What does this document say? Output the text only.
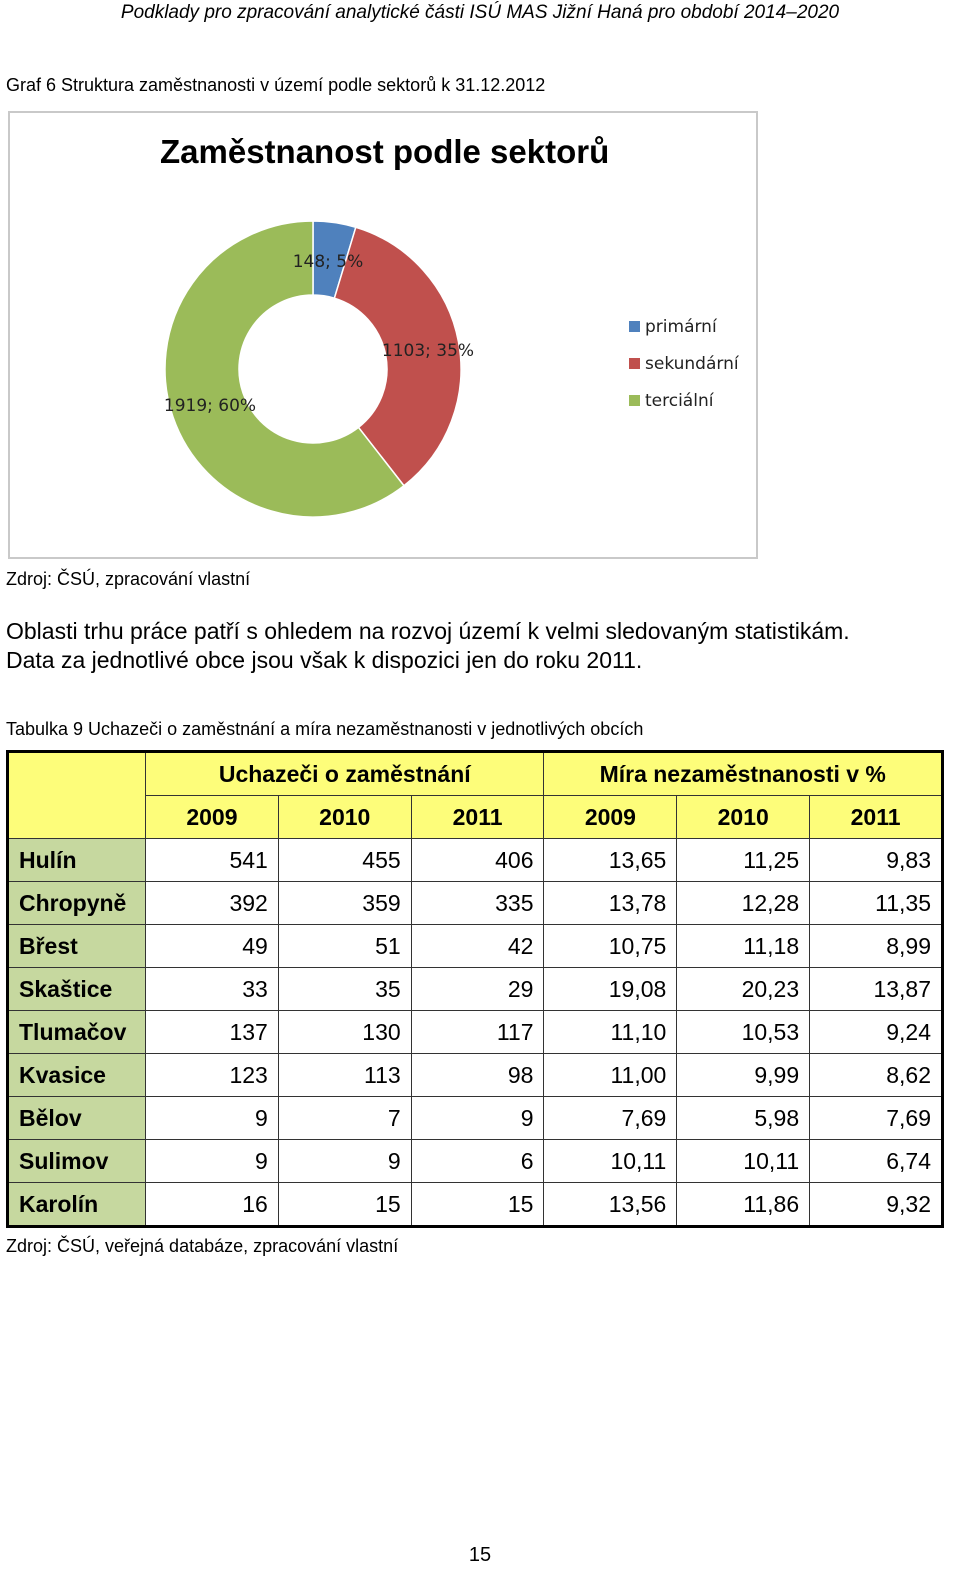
Podklady pro zpracování analytické části ISÚ MAS Jižní Haná pro období 2014–2020
Graf 6 Struktura zaměstnanosti v území podle sektorů k 31.12.2012
Zaměstnanost podle sektorů
148; 5%
1103; 35%
1919; 60%
primární
sekundární
terciální
Zdroj: ČSÚ, zpracování vlastní
Oblasti trhu práce patří s ohledem na rozvoj území k velmi sledovaným statistikám.
Data za jednotlivé obce jsou však k dispozici jen do roku 2011.
Tabulka 9 Uchazeči o zaměstnání a míra nezaměstnanosti v jednotlivých obcích
	Uchazeči o zaměstnání			Míra nezaměstnanosti v %		
	2009	2010	2011	2009	2010	2011
Hulín	541	455	406	13,65	11,25	9,83
Chropyně	392	359	335	13,78	12,28	11,35
Břest	49	51	42	10,75	11,18	8,99
Skaštice	33	35	29	19,08	20,23	13,87
Tlumačov	137	130	117	11,10	10,53	9,24
Kvasice	123	113	98	11,00	9,99	8,62
Bělov	9	7	9	7,69	5,98	7,69
Sulimov	9	9	6	10,11	10,11	6,74
Karolín	16	15	15	13,56	11,86	9,32
Zdroj: ČSÚ, veřejná databáze, zpracování vlastní
15
